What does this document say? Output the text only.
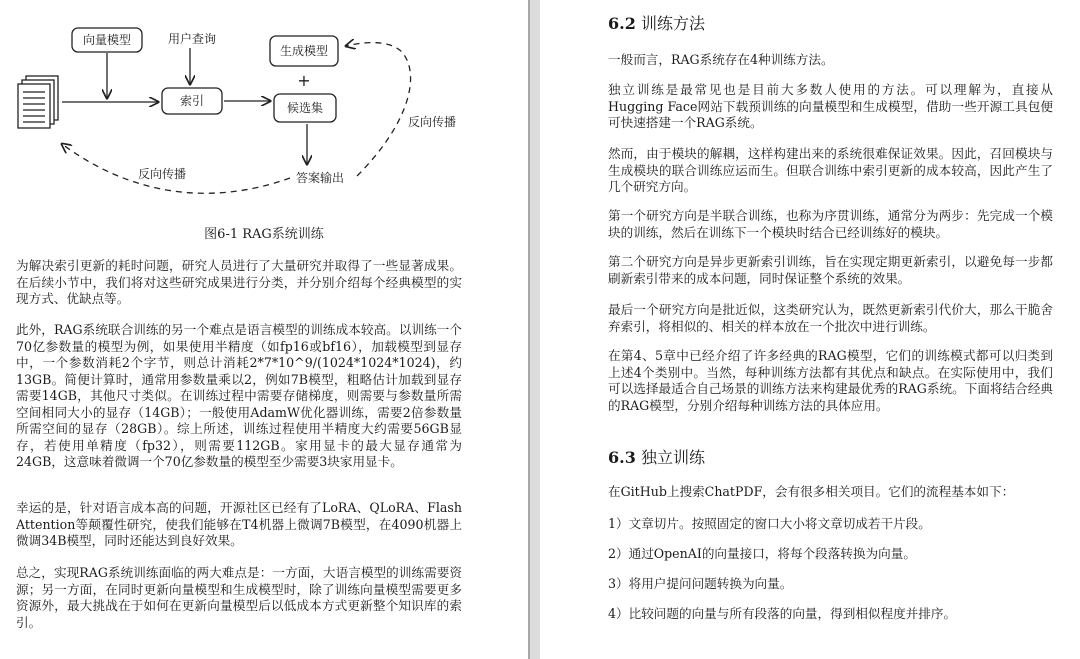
向量模型	用户查询
索引
生成模型
+
候选集
反向传播
反向传播	答案输出
图6-1 RAG系统训练

为解决索引更新的耗时问题，研究人员进行了大量研究并取得了一些显著成果。在后续小节中，我们将对这些研究成果进行分类，并分别介绍每个经典模型的实现方式、优缺点等。

此外，RAG系统联合训练的另一个难点是语言模型的训练成本较高。以训练一个70亿参数量的模型为例，如果使用半精度（如fp16或bf16），加载模型到显存中，一个参数消耗2个字节，则总计消耗2*7*10^9/(1024*1024*1024)，约13GB。简便计算时，通常用参数量乘以2，例如7B模型，粗略估计加载到显存需要14GB，其他尺寸类似。在训练过程中需要存储梯度，则需要与参数量所需空间相同大小的显存（14GB）；一般使用AdamW优化器训练，需要2倍参数量所需空间的显存（28GB）。综上所述，训练过程使用半精度大约需要56GB显存，若使用单精度（fp32），则需要112GB。家用显卡的最大显存通常为24GB，这意味着微调一个70亿参数量的模型至少需要3块家用显卡。

幸运的是，针对语言成本高的问题，开源社区已经有了LoRA、QLoRA、Flash Attention等颠覆性研究，使我们能够在T4机器上微调7B模型，在4090机器上微调34B模型，同时还能达到良好效果。

总之，实现RAG系统训练面临的两大难点是：一方面，大语言模型的训练需要资源；另一方面，在同时更新向量模型和生成模型时，除了训练向量模型需要更多资源外，最大挑战在于如何在更新向量模型后以低成本方式更新整个知识库的索引。

6.2 训练方法

一般而言，RAG系统存在4种训练方法。

独立训练是最常见也是目前大多数人使用的方法。可以理解为，直接从Hugging Face网站下载预训练的向量模型和生成模型，借助一些开源工具包便可快速搭建一个RAG系统。

然而，由于模块的解耦，这样构建出来的系统很难保证效果。因此，召回模块与生成模块的联合训练应运而生。但联合训练中索引更新的成本较高，因此产生了几个研究方向。

第一个研究方向是半联合训练，也称为序贯训练，通常分为两步：先完成一个模块的训练，然后在训练下一个模块时结合已经训练好的模块。

第二个研究方向是异步更新索引训练，旨在实现定期更新索引，以避免每一步都刷新索引带来的成本问题，同时保证整个系统的效果。

最后一个研究方向是批近似，这类研究认为，既然更新索引代价大，那么干脆舍弃索引，将相似的、相关的样本放在一个批次中进行训练。

在第4、5章中已经介绍了许多经典的RAG模型，它们的训练模式都可以归类到上述4个类别中。当然，每种训练方法都有其优点和缺点。在实际使用中，我们可以选择最适合自己场景的训练方法来构建最优秀的RAG系统。下面将结合经典的RAG模型，分别介绍每种训练方法的具体应用。

6.3 独立训练

在GitHub上搜索ChatPDF，会有很多相关项目。它们的流程基本如下：

1）文章切片。按照固定的窗口大小将文章切成若干片段。

2）通过OpenAI的向量接口，将每个段落转换为向量。

3）将用户提问问题转换为向量。

4）比较问题的向量与所有段落的向量，得到相似程度并排序。
